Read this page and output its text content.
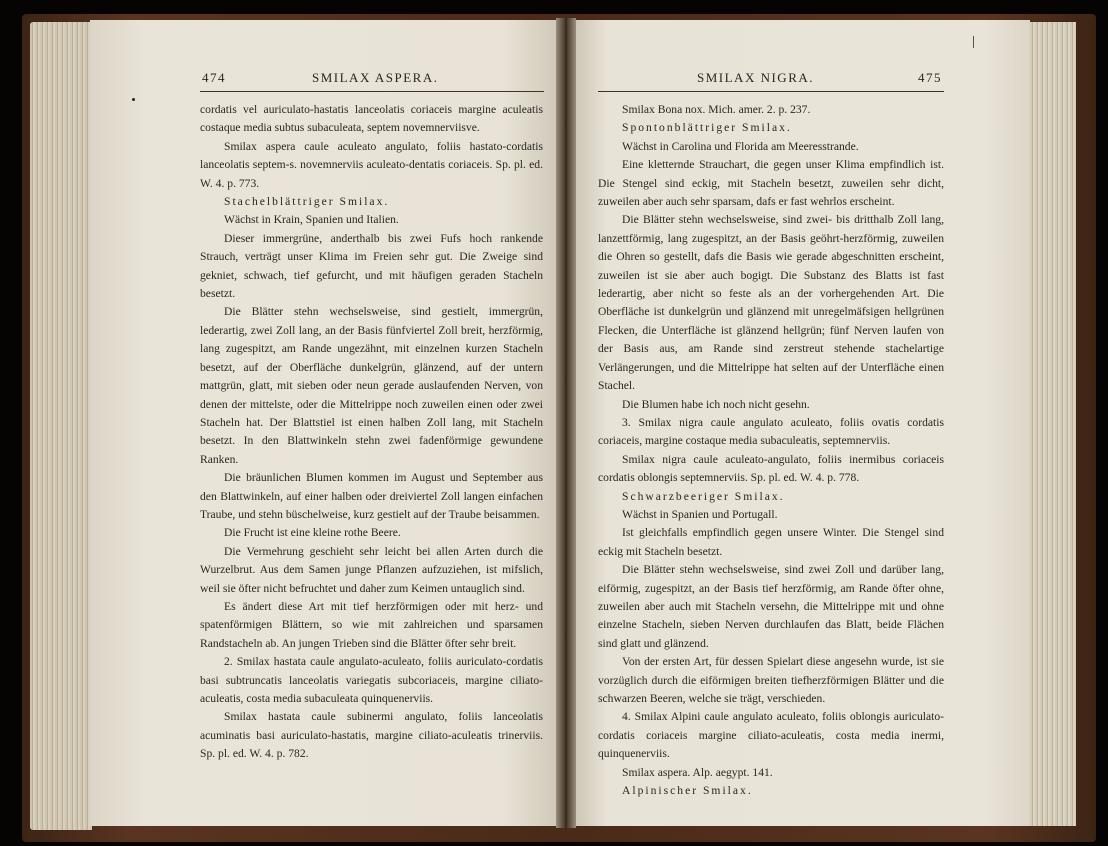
474	SMILAX ASPERA.

cordatis vel auriculato-hastatis lanceolatis coriaceis margine aculeatis costaque media subtus subaculeata, septem novemnerviisve.

Smilax aspera caule aculeato angulato, foliis hastato-cordatis lanceolatis septem-s. novemnerviis aculeato-dentatis coriaceis. Sp. pl. ed. W. 4. p. 773.

Stachelblättriger Smilax.

Wächst in Krain, Spanien und Italien.

Dieser immergrüne, anderthalb bis zwei Fufs hoch rankende Strauch, verträgt unser Klima im Freien sehr gut. Die Zweige sind gekniet, schwach, tief gefurcht, und mit häufigen geraden Stacheln besetzt.

Die Blätter stehn wechselsweise, sind gestielt, immergrün, lederartig, zwei Zoll lang, an der Basis fünfviertel Zoll breit, herzförmig, lang zugespitzt, am Rande ungezähnt, mit einzelnen kurzen Stacheln besetzt, auf der Oberfläche dunkelgrün, glänzend, auf der untern mattgrün, glatt, mit sieben oder neun gerade auslaufenden Nerven, von denen der mittelste, oder die Mittelrippe noch zuweilen einen oder zwei Stacheln hat. Der Blattstiel ist einen halben Zoll lang, mit Stacheln besetzt. In den Blattwinkeln stehn zwei fadenförmige gewundene Ranken.

Die bräunlichen Blumen kommen im August und September aus den Blattwinkeln, auf einer halben oder dreiviertel Zoll langen einfachen Traube, und stehn büschelweise, kurz gestielt auf der Traube beisammen.

Die Frucht ist eine kleine rothe Beere.

Die Vermehrung geschieht sehr leicht bei allen Arten durch die Wurzelbrut. Aus dem Samen junge Pflanzen aufzuziehen, ist mifslich, weil sie öfter nicht befruchtet und daher zum Keimen untauglich sind.

Es ändert diese Art mit tief herzförmigen oder mit herz- und spatenförmigen Blättern, so wie mit zahlreichen und sparsamen Randstacheln ab. An jungen Trieben sind die Blätter öfter sehr breit.

2. Smilax hastata caule angulato-aculeato, foliis auriculato-cordatis basi subtruncatis lanceolatis variegatis subcoriaceis, margine ciliato-aculeatis, costa media subaculeata quinquenerviis.

Smilax hastata caule subinermi angulato, foliis lanceolatis acuminatis basi auriculato-hastatis, margine ciliato-aculeatis trinerviis. Sp. pl. ed. W. 4. p. 782.

SMILAX NIGRA.	475

Smilax Bona nox. Mich. amer. 2. p. 237.

Spontonblättriger Smilax.

Wächst in Carolina und Florida am Meeresstrande.

Eine kletternde Strauchart, die gegen unser Klima empfindlich ist. Die Stengel sind eckig, mit Stacheln besetzt, zuweilen sehr dicht, zuweilen aber auch sehr sparsam, dafs er fast wehrlos erscheint.

Die Blätter stehn wechselsweise, sind zwei- bis dritthalb Zoll lang, lanzettförmig, lang zugespitzt, an der Basis geöhrt-herzförmig, zuweilen die Ohren so gestellt, dafs die Basis wie gerade abgeschnitten erscheint, zuweilen ist sie aber auch bogigt. Die Substanz des Blatts ist fast lederartig, aber nicht so feste als an der vorhergehenden Art. Die Oberfläche ist dunkelgrün und glänzend mit unregelmäfsigen hellgrünen Flecken, die Unterfläche ist glänzend hellgrün; fünf Nerven laufen von der Basis aus, am Rande sind zerstreut stehende stachelartige Verlängerungen, und die Mittelrippe hat selten auf der Unterfläche einen Stachel.

Die Blumen habe ich noch nicht gesehn.

3. Smilax nigra caule angulato aculeato, foliis ovatis cordatis coriaceis, margine costaque media subaculeatis, septemnerviis.

Smilax nigra caule aculeato-angulato, foliis inermibus coriaceis cordatis oblongis septemnerviis. Sp. pl. ed. W. 4. p. 778.

Schwarzbeeriger Smilax.

Wächst in Spanien und Portugall.

Ist gleichfalls empfindlich gegen unsere Winter. Die Stengel sind eckig mit Stacheln besetzt.

Die Blätter stehn wechselsweise, sind zwei Zoll und darüber lang, eiförmig, zugespitzt, an der Basis tief herzförmig, am Rande öfter ohne, zuweilen aber auch mit Stacheln versehn, die Mittelrippe mit und ohne einzelne Stacheln, sieben Nerven durchlaufen das Blatt, beide Flächen sind glatt und glänzend.

Von der ersten Art, für dessen Spielart diese angesehn wurde, ist sie vorzüglich durch die eiförmigen breiten tiefherzförmigen Blätter und die schwarzen Beeren, welche sie trägt, verschieden.

4. Smilax Alpini caule angulato aculeato, foliis oblongis auriculato-cordatis coriaceis margine ciliato-aculeatis, costa media inermi, quinquenerviis.

Smilax aspera. Alp. aegypt. 141.

Alpinischer Smilax.
